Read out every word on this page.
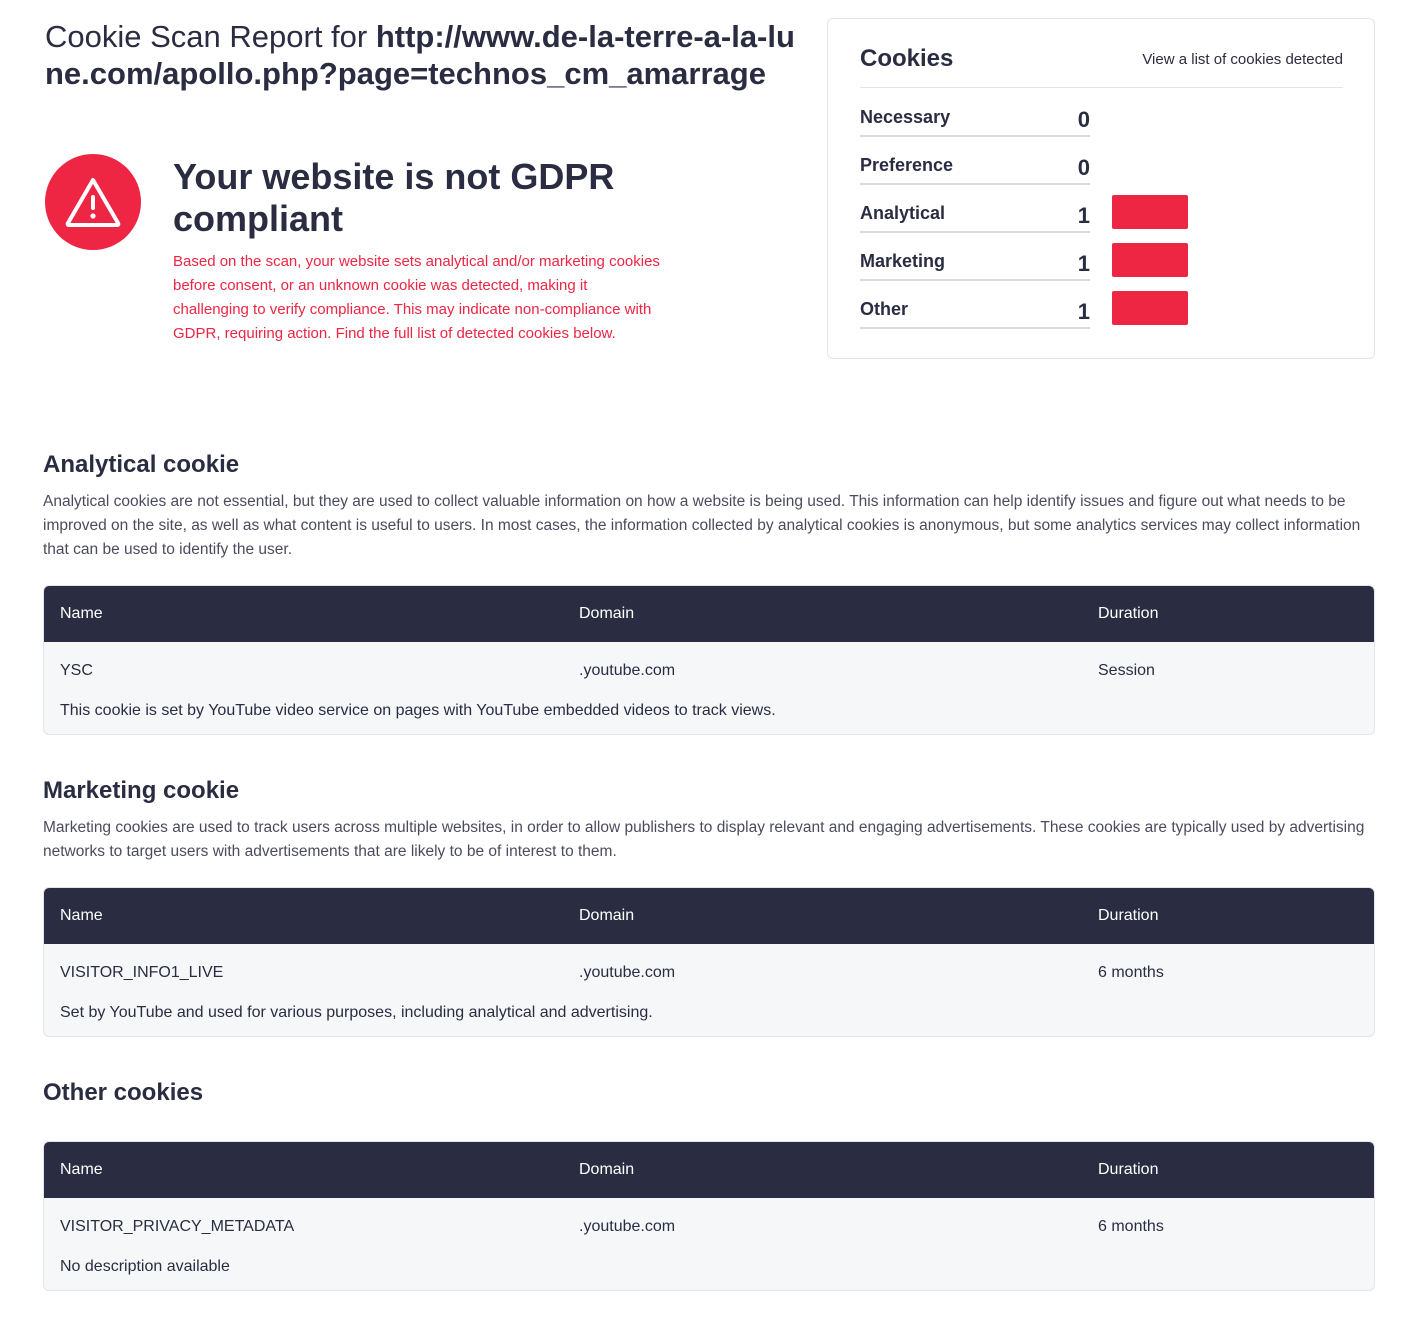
Cookie Scan Report for http://www.de-la-terre-a-la-lune.com/apollo.php?page=technos_cm_amarrage
Your website is not GDPR compliant

Based on the scan, your website sets analytical and/or marketing cookies before consent, or an unknown cookie was detected, making it challenging to verify compliance. This may indicate non-compliance with GDPR, requiring action. Find the full list of detected cookies below.

Cookies	View a list of cookies detected
Necessary	0
Preference	0
Analytical	1
Marketing	1
Other	1
Analytical cookie

Analytical cookies are not essential, but they are used to collect valuable information on how a website is being used. This information can help identify issues and figure out what needs to be improved on the site, as well as what content is useful to users. In most cases, the information collected by analytical cookies is anonymous, but some analytics services may collect information that can be used to identify the user.

Name	Domain	Duration
YSC	.youtube.com	Session
This cookie is set by YouTube video service on pages with YouTube embedded videos to track views.
Marketing cookie

Marketing cookies are used to track users across multiple websites, in order to allow publishers to display relevant and engaging advertisements. These cookies are typically used by advertising networks to target users with advertisements that are likely to be of interest to them.

Name	Domain	Duration
VISITOR_INFO1_LIVE	.youtube.com	6 months
Set by YouTube and used for various purposes, including analytical and advertising.
Other cookies
Name	Domain	Duration
VISITOR_PRIVACY_METADATA	.youtube.com	6 months
No description available
